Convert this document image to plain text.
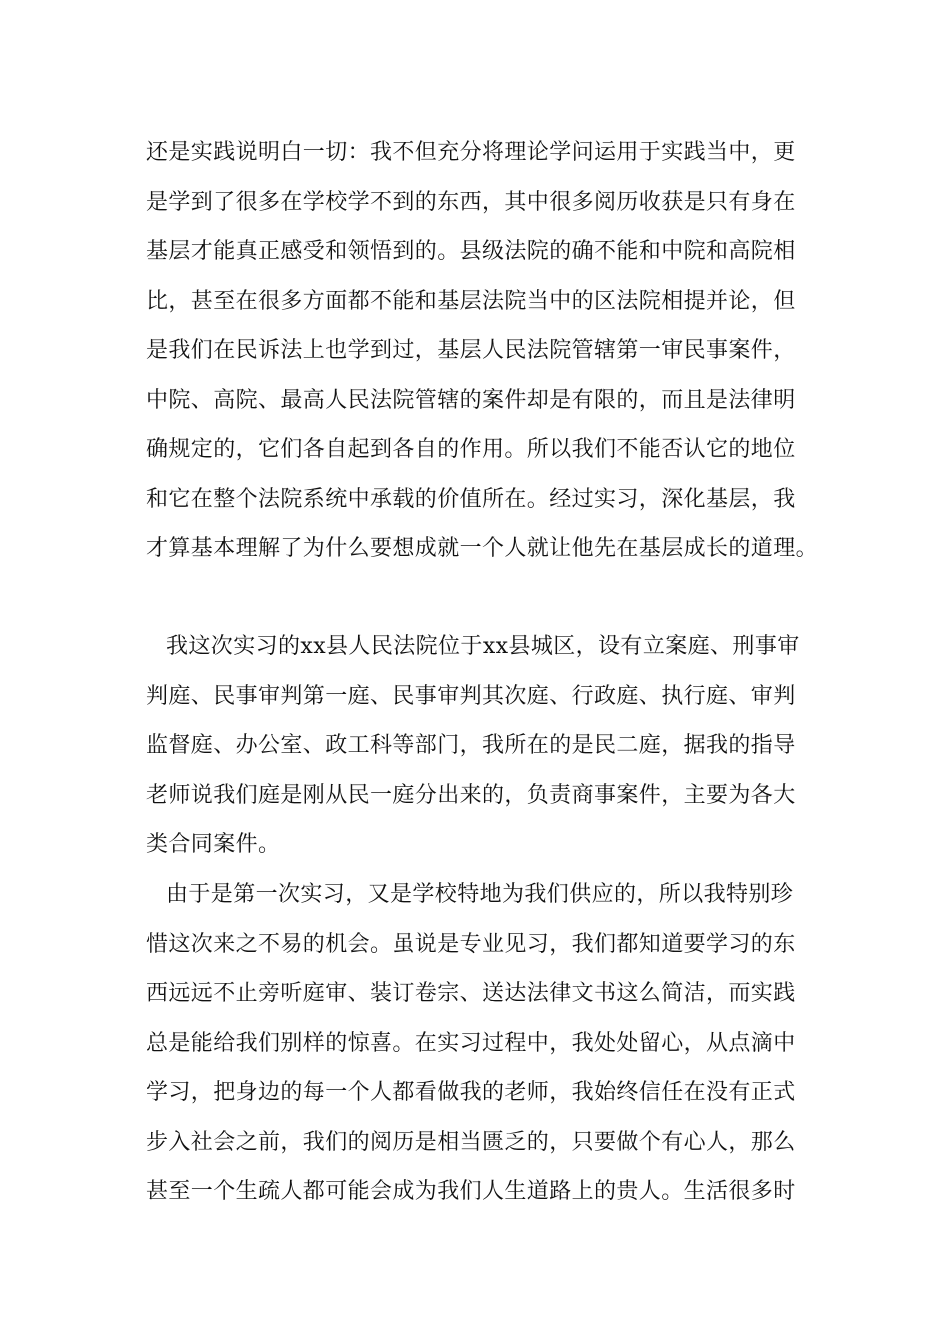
还是实践说明白一切：我不但充分将理论学问运用于实践当中，更
是学到了很多在学校学不到的东西，其中很多阅历收获是只有身在
基层才能真正感受和领悟到的。县级法院的确不能和中院和高院相
比，甚至在很多方面都不能和基层法院当中的区法院相提并论，但
是我们在民诉法上也学到过，基层人民法院管辖第一审民事案件，
中院、高院、最高人民法院管辖的案件却是有限的，而且是法律明
确规定的，它们各自起到各自的作用。所以我们不能否认它的地位
和它在整个法院系统中承载的价值所在。经过实习，深化基层，我
才算基本理解了为什么要想成就一个人就让他先在基层成长的道理。
我这次实习的xx县人民法院位于xx县城区，设有立案庭、刑事审
判庭、民事审判第一庭、民事审判其次庭、行政庭、执行庭、审判
监督庭、办公室、政工科等部门，我所在的是民二庭，据我的指导
老师说我们庭是刚从民一庭分出来的，负责商事案件，主要为各大
类合同案件。
由于是第一次实习，又是学校特地为我们供应的，所以我特别珍
惜这次来之不易的机会。虽说是专业见习，我们都知道要学习的东
西远远不止旁听庭审、装订卷宗、送达法律文书这么简洁，而实践
总是能给我们别样的惊喜。在实习过程中，我处处留心，从点滴中
学习，把身边的每一个人都看做我的老师，我始终信任在没有正式
步入社会之前，我们的阅历是相当匮乏的，只要做个有心人，那么
甚至一个生疏人都可能会成为我们人生道路上的贵人。生活很多时
